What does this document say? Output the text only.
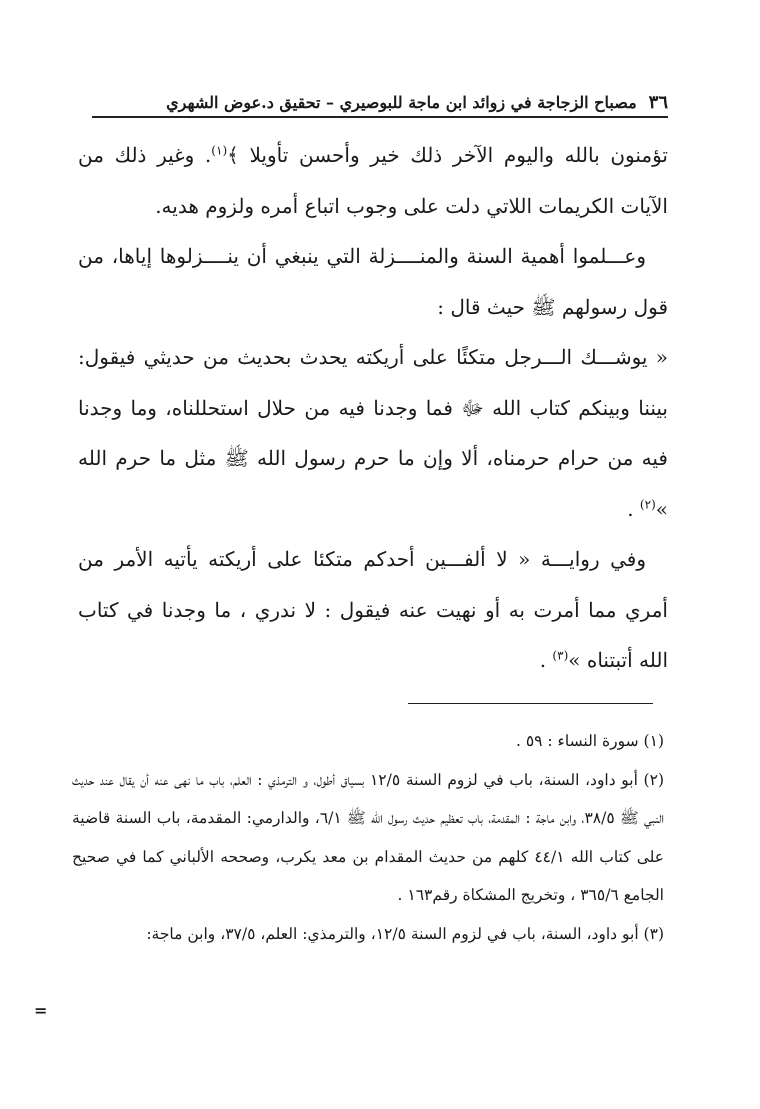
٣٦
مصباح الزجاجة في زوائد ابن ماجة للبوصيري – تحقيق د.عوض الشهري

تؤمنون بالله واليوم الآخر ذلك خير وأحسن تأويلا ﴾$^{(١)}$. وغير ذلك من الآيات الكريمات اللاتي دلت على وجوب اتباع أمره ولزوم هديه.

وعـــلموا أهمية السنة والمنــــزلة التي ينبغي أن ينــــزلوها إياها، من قول رسولهم ﷺ حيث قال :

« يوشـــك الـــرجل متكئًا على أريكته يحدث بحديث من حديثي فيقول: بيننا وبينكم كتاب الله ﷻ فما وجدنا فيه من حلال استحللناه، وما وجدنا فيه من حرام حرمناه، ألا وإن ما حرم رسول الله ﷺ مثل ما حرم الله »$^{(٢)}$ .

وفي روايـــة « لا ألفـــين أحدكم متكئا على أريكته يأتيه الأمر من أمري مما أمرت به أو نهيت عنه فيقول : لا ندري ، ما وجدنا في كتاب الله أتبتناه »$^{(٣)}$ .

(١) سورة النساء : ٥٩ .

(٢) أبو داود، السنة، باب في لزوم السنة ١٢/٥ بسياق أطول، و الترمذي : العلم، باب ما نهى عنه أن يقال عند حديث النبي ﷺ ٣٨/٥، وابن ماجة : المقدمة، باب تعظيم حديث رسول الله ﷺ ٦/١، والدارمي: المقدمة، باب السنة قاضية على كتاب الله ٤٤/١ كلهم من حديث المقدام بن معد يكرب، وصححه الألباني كما في صحيح الجامع ٣٦٥/٦ ، وتخريج المشكاة رقم١٦٣ .

(٣) أبو داود، السنة، باب في لزوم السنة ١٢/٥، والترمذي: العلم، ٣٧/٥، وابن ماجة:

=
